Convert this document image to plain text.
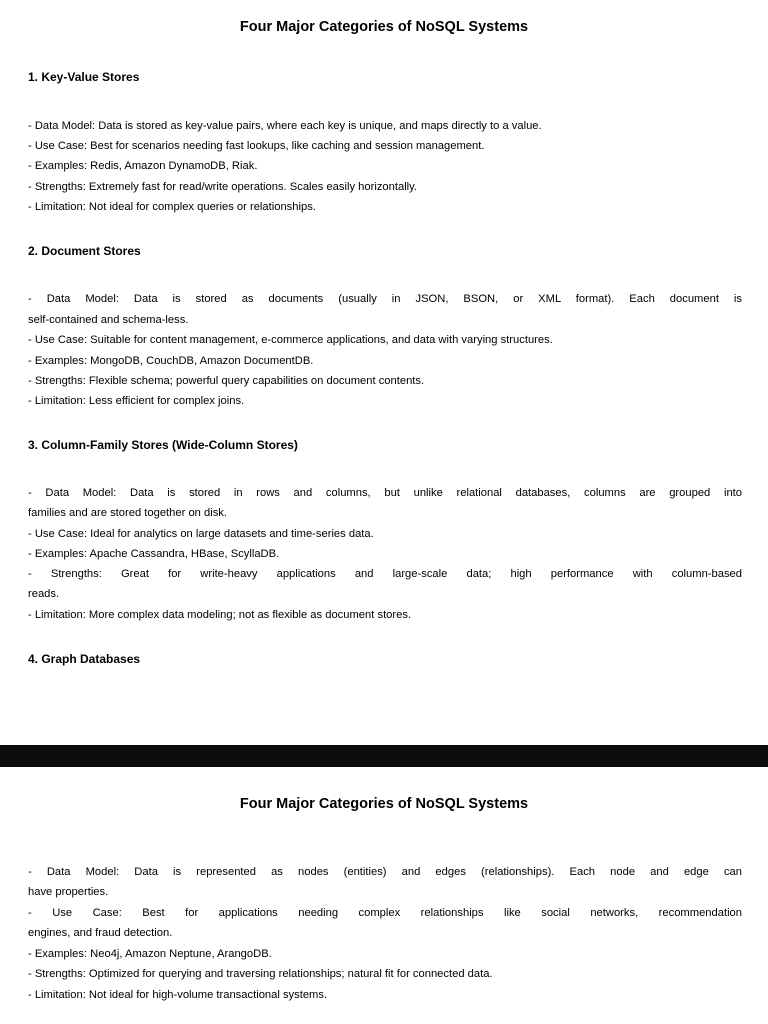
Four Major Categories of NoSQL Systems
1. Key-Value Stores

- Data Model: Data is stored as key-value pairs, where each key is unique, and maps directly to a value.

- Use Case: Best for scenarios needing fast lookups, like caching and session management.

- Examples: Redis, Amazon DynamoDB, Riak.

- Strengths: Extremely fast for read/write operations. Scales easily horizontally.

- Limitation: Not ideal for complex queries or relationships.

2. Document Stores

- Data Model: Data is stored as documents (usually in JSON, BSON, or XML format). Each document is

self-contained and schema-less.

- Use Case: Suitable for content management, e-commerce applications, and data with varying structures.

- Examples: MongoDB, CouchDB, Amazon DocumentDB.

- Strengths: Flexible schema; powerful query capabilities on document contents.

- Limitation: Less efficient for complex joins.

3. Column-Family Stores (Wide-Column Stores)

- Data Model: Data is stored in rows and columns, but unlike relational databases, columns are grouped into

families and are stored together on disk.

- Use Case: Ideal for analytics on large datasets and time-series data.

- Examples: Apache Cassandra, HBase, ScyllaDB.

- Strengths: Great for write-heavy applications and large-scale data; high performance with column-based

reads.

- Limitation: More complex data modeling; not as flexible as document stores.

4. Graph Databases
Four Major Categories of NoSQL Systems

- Data Model: Data is represented as nodes (entities) and edges (relationships). Each node and edge can

have properties.

- Use Case: Best for applications needing complex relationships like social networks, recommendation

engines, and fraud detection.

- Examples: Neo4j, Amazon Neptune, ArangoDB.

- Strengths: Optimized for querying and traversing relationships; natural fit for connected data.

- Limitation: Not ideal for high-volume transactional systems.
